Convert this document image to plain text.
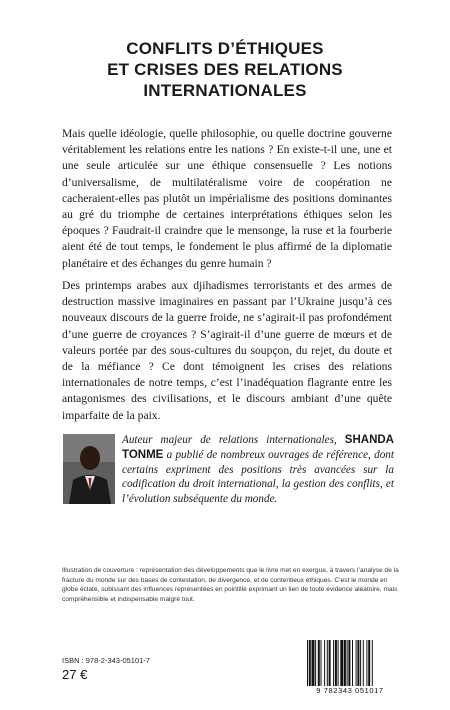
CONFLITS D’ÉTHIQUES
ET CRISES DES RELATIONS
INTERNATIONALES
Mais quelle idéologie, quelle philosophie, ou quelle doctrine gouverne véritablement les relations entre les nations ? En existe-t-il une, une et une seule articulée sur une éthique consensuelle ? Les notions d’universalisme, de multilatéralisme voire de coopération ne cacheraient-elles pas plutôt un impérialisme des positions dominantes au gré du triomphe de certaines interprétations éthiques selon les époques ? Faudrait-il craindre que le mensonge, la ruse et la fourberie aient été de tout temps, le fondement le plus affirmé de la diplomatie planétaire et des échanges du genre humain ?
Des printemps arabes aux djihadismes terroristants et des armes de destruction massive imaginaires en passant par l’Ukraine jusqu’à ces nouveaux discours de la guerre froide, ne s’agirait-il pas profondément d’une guerre de croyances ? S’agirait-il d’une guerre de mœurs et de valeurs portée par des sous-cultures du soupçon, du rejet, du doute et de la méfiance ? Ce dont témoignent les crises des relations internationales de notre temps, c’est l’inadéquation flagrante entre les antagonismes des civilisations, et le discours ambiant d’une quête imparfaite de la paix.
Auteur majeur de relations internationales, SHANDA TONME a publié de nombreux ouvrages de référence, dont certains expriment des positions très avancées sur la codification du droit international, la gestion des conflits, et l’évolution subséquente du monde.
Illustration de couverture : représentation des développements que le livre met en exergue, à travers l’analyse de la fracture du monde sur des bases de contestation, de divergence, et de contentieux éthiques. C’est le monde en globe éclaté, subissant des influences représentées en pointillé exprimant un lien de toute évidence aléatoire, mais compréhensible et indispensable malgré tout.
ISBN : 978-2-343-05101-7
27 €
9 782343 051017
